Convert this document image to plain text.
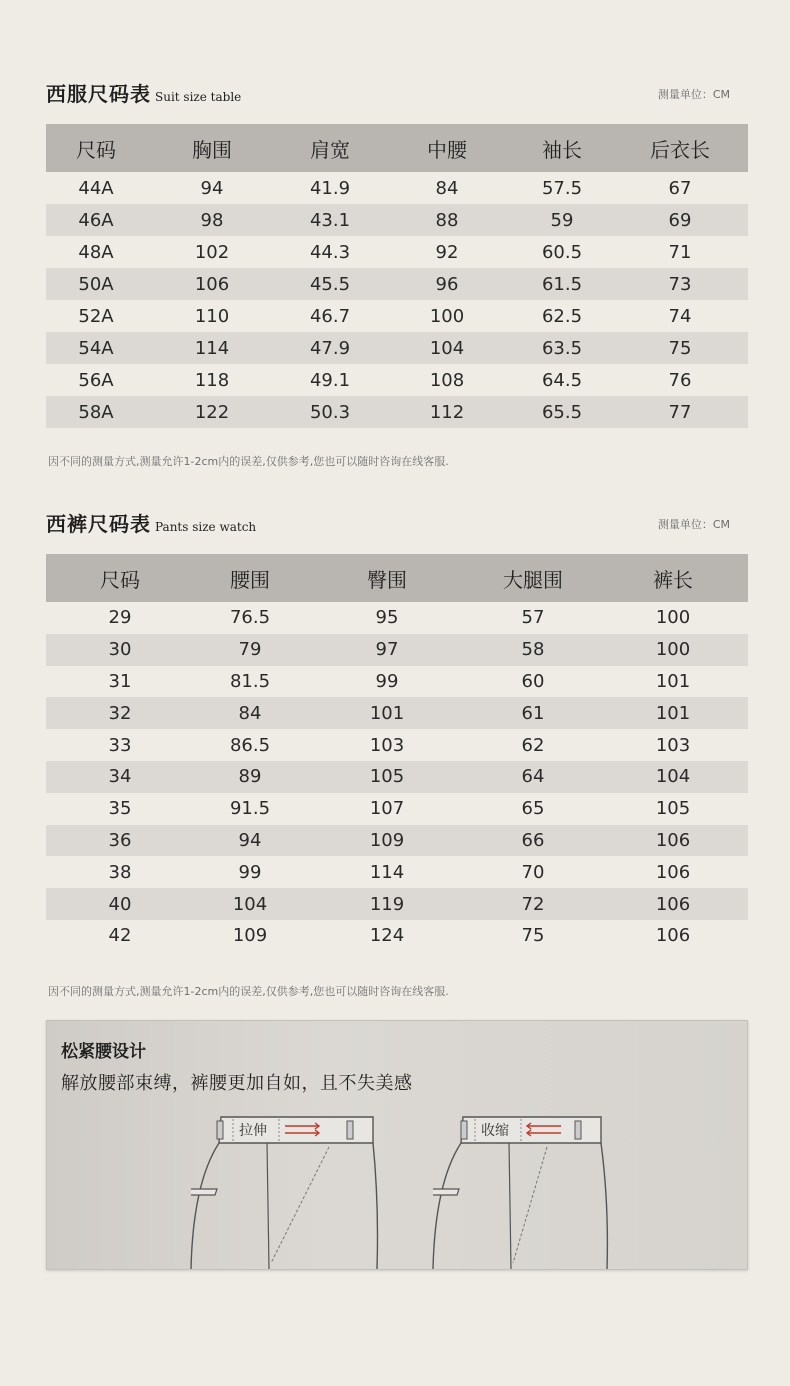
西服尺码表 Suit size table	测量单位：CM
尺码	胸围	肩宽	中腰	袖长	后衣长
44A	94	41.9	84	57.5	67
46A	98	43.1	88	59	69
48A	102	44.3	92	60.5	71
50A	106	45.5	96	61.5	73
52A	110	46.7	100	62.5	74
54A	114	47.9	104	63.5	75
56A	118	49.1	108	64.5	76
58A	122	50.3	112	65.5	77
因不同的测量方式,测量允许1-2cm内的误差,仅供参考,您也可以随时咨询在线客服.
西裤尺码表 Pants size watch	测量单位：CM
尺码	腰围	臀围	大腿围	裤长
29	76.5	95	57	100
30	79	97	58	100
31	81.5	99	60	101
32	84	101	61	101
33	86.5	103	62	103
34	89	105	64	104
35	91.5	107	65	105
36	94	109	66	106
38	99	114	70	106
40	104	119	72	106
42	109	124	75	106
因不同的测量方式,测量允许1-2cm内的误差,仅供参考,您也可以随时咨询在线客服.
松紧腰设计
解放腰部束缚，裤腰更加自如，且不失美感
拉伸	收缩
